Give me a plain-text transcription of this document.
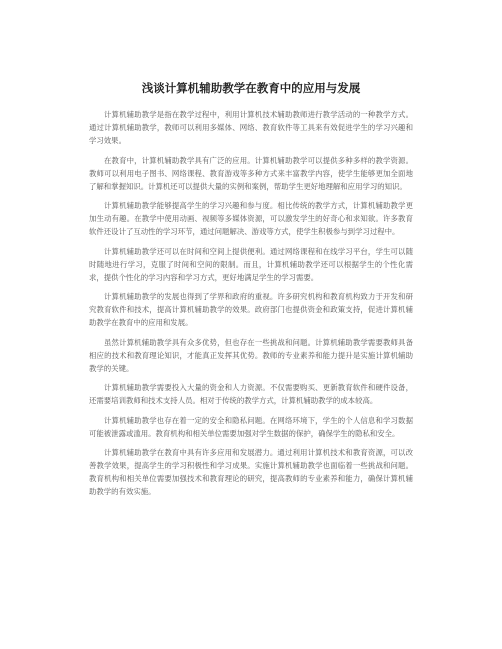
浅谈计算机辅助教学在教育中的应用与发展

计算机辅助教学是指在教学过程中，利用计算机技术辅助教师进行教学活动的一种教学方式。通过计算机辅助教学，教师可以利用多媒体、网络、教育软件等工具来有效促进学生的学习兴趣和学习效果。

在教育中，计算机辅助教学具有广泛的应用。计算机辅助教学可以提供多种多样的教学资源。教师可以利用电子图书、网络课程、教育游戏等多种方式来丰富教学内容，使学生能够更加全面地了解和掌握知识。计算机还可以提供大量的实例和案例，帮助学生更好地理解和应用学习的知识。

计算机辅助教学能够提高学生的学习兴趣和参与度。相比传统的教学方式，计算机辅助教学更加生动有趣。在教学中使用动画、视频等多媒体资源，可以激发学生的好奇心和求知欲。许多教育软件还设计了互动性的学习环节，通过问题解决、游戏等方式，使学生积极参与到学习过程中。

计算机辅助教学还可以在时间和空间上提供便利。通过网络课程和在线学习平台，学生可以随时随地进行学习，克服了时间和空间的限制。而且，计算机辅助教学还可以根据学生的个性化需求，提供个性化的学习内容和学习方式，更好地满足学生的学习需要。

计算机辅助教学的发展也得到了学界和政府的重视。许多研究机构和教育机构致力于开发和研究教育软件和技术，提高计算机辅助教学的效果。政府部门也提供资金和政策支持，促进计算机辅助教学在教育中的应用和发展。

虽然计算机辅助教学具有众多优势，但也存在一些挑战和问题。计算机辅助教学需要教师具备相应的技术和教育理论知识，才能真正发挥其优势。教师的专业素养和能力提升是实施计算机辅助教学的关键。

计算机辅助教学需要投入大量的资金和人力资源。不仅需要购买、更新教育软件和硬件设备，还需要培训教师和技术支持人员。相对于传统的教学方式，计算机辅助教学的成本较高。

计算机辅助教学也存在着一定的安全和隐私问题。在网络环境下，学生的个人信息和学习数据可能被泄露或滥用。教育机构和相关单位需要加强对学生数据的保护，确保学生的隐私和安全。

计算机辅助教学在教育中具有许多应用和发展潜力。通过利用计算机技术和教育资源，可以改善教学效果，提高学生的学习积极性和学习成果。实施计算机辅助教学也面临着一些挑战和问题。教育机构和相关单位需要加强技术和教育理论的研究，提高教师的专业素养和能力，确保计算机辅助教学的有效实施。
